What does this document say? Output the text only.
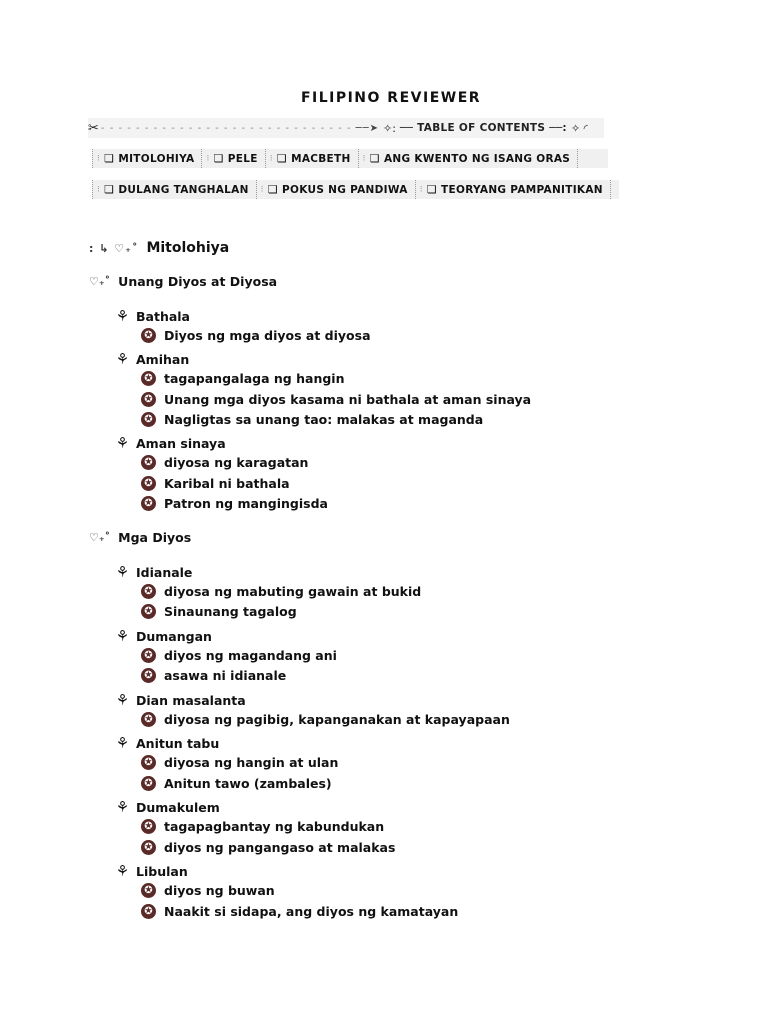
FILIPINO REVIEWER
✂ - - - - - - - - - - - - - - - - - - - - - - - - - - - - - ──➤ ✧: ── TABLE OF CONTENTS ──: ✧ ◜
⁝ ❏ MITOLOHIYA ⁝ ❏ PELE ⁝ ❏ MACBETH ⁝ ❏ ANG KWENTO NG ISANG ORAS
⁝ ❏ DULANG TANGHALAN ⁝ ❏ POKUS NG PANDIWA ⁝ ❏ TEORYANG PAMPANITIKAN
: ↳ ♡₊˚ Mitolohiya
♡₊˚ Unang Diyos at Diyosa
⚘ Bathala
✪ Diyos ng mga diyos at diyosa
⚘ Amihan
✪ tagapangalaga ng hangin
✪ Unang mga diyos kasama ni bathala at aman sinaya
✪ Nagligtas sa unang tao: malakas at maganda
⚘ Aman sinaya
✪ diyosa ng karagatan
✪ Karibal ni bathala
✪ Patron ng mangingisda
♡₊˚ Mga Diyos
⚘ Idianale
✪ diyosa ng mabuting gawain at bukid
✪ Sinaunang tagalog
⚘ Dumangan
✪ diyos ng magandang ani
✪ asawa ni idianale
⚘ Dian masalanta
✪ diyosa ng pagibig, kapanganakan at kapayapaan
⚘ Anitun tabu
✪ diyosa ng hangin at ulan
✪ Anitun tawo (zambales)
⚘ Dumakulem
✪ tagapagbantay ng kabundukan
✪ diyos ng pangangaso at malakas
⚘ Libulan
✪ diyos ng buwan
✪ Naakit si sidapa, ang diyos ng kamatayan
